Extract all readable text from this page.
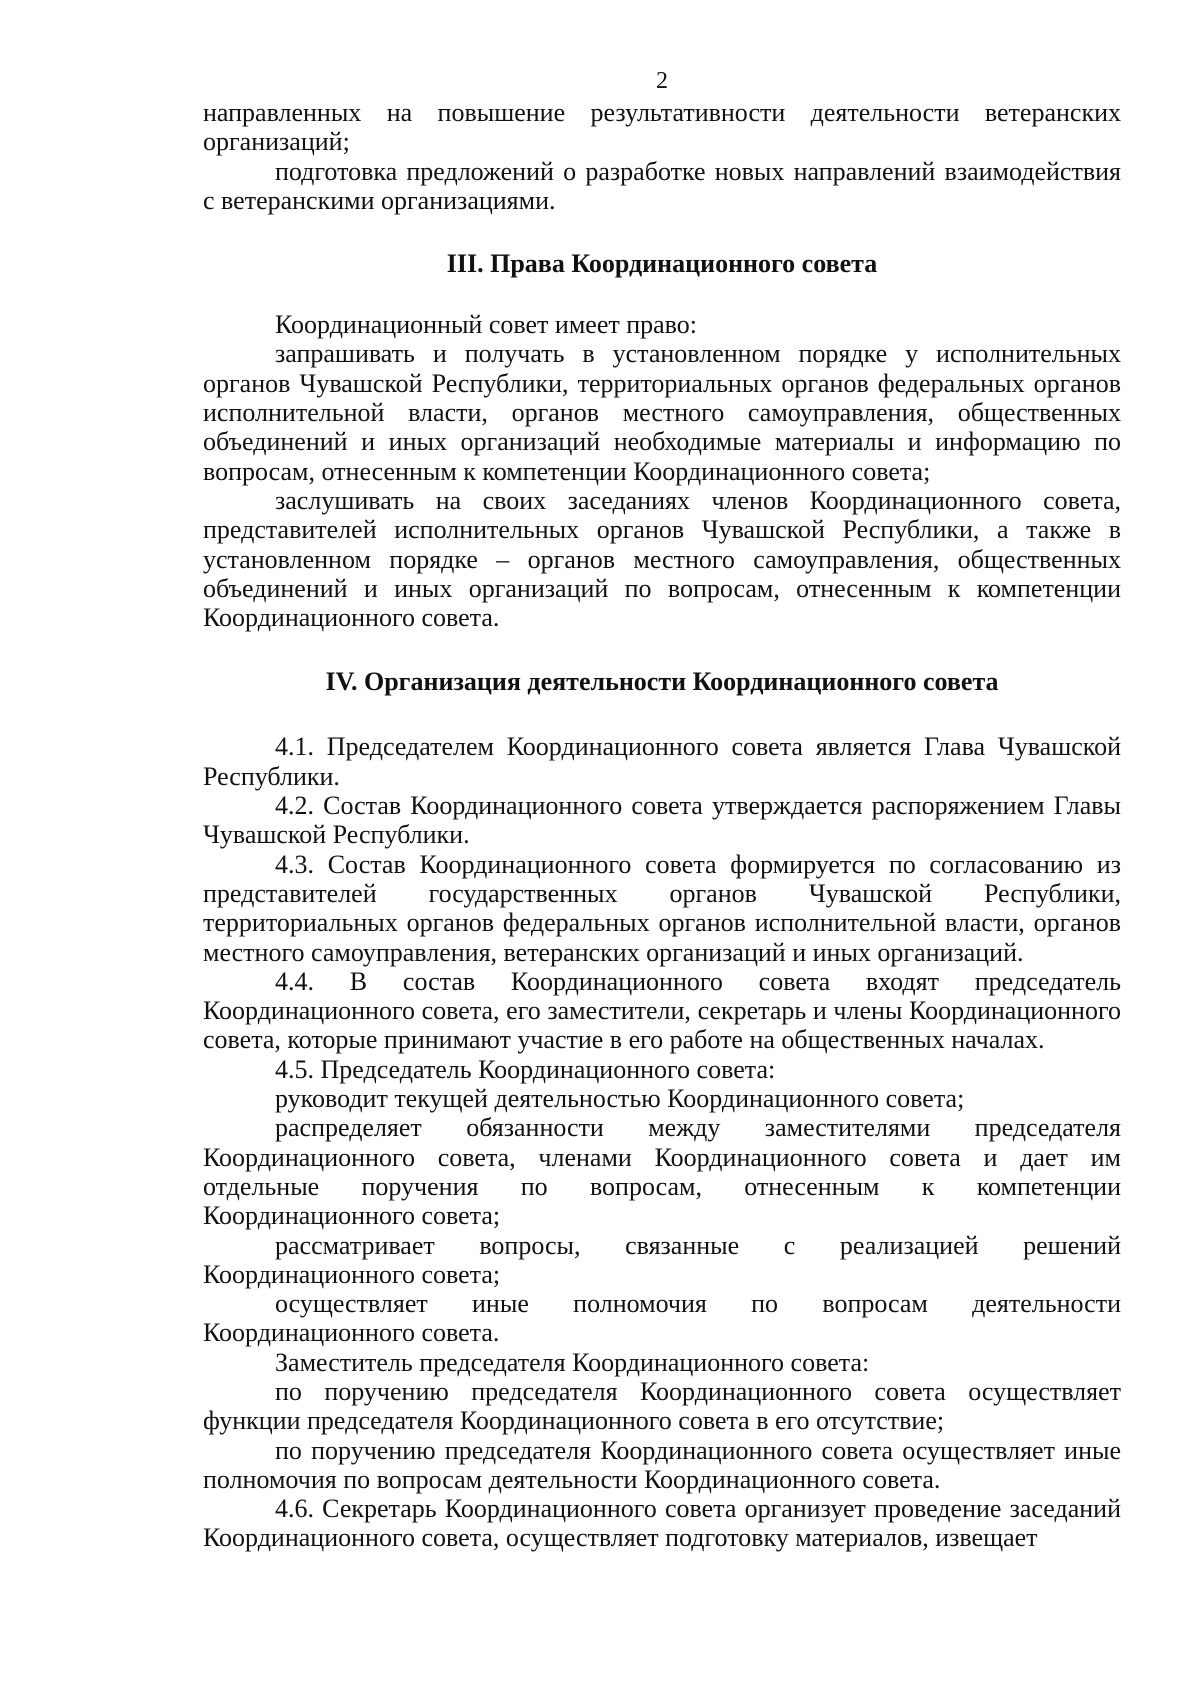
2

направленных на повышение результативности деятельности ветеранских организаций;

подготовка предложений о разработке новых направлений взаимодействия с ветеранскими организациями.

III. Права Координационного совета

Координационный совет имеет право:

запрашивать и получать в установленном порядке у исполнительных органов Чувашской Республики, территориальных органов федеральных органов исполнительной власти, органов местного самоуправления, общественных объединений и иных организаций необходимые материалы и информацию по вопросам, отнесенным к компетенции Координационного совета;

заслушивать на своих заседаниях членов Координационного совета, представителей исполнительных органов Чувашской Республики, а также в установленном порядке – органов местного самоуправления, общественных объединений и иных организаций по вопросам, отнесенным к компетенции Координационного совета.

IV. Организация деятельности Координационного совета

4.1. Председателем Координационного совета является Глава Чувашской Республики.

4.2. Состав Координационного совета утверждается распоряжением Главы Чувашской Республики.

4.3. Состав Координационного совета формируется по согласованию из представителей государственных органов Чувашской Республики, территориальных органов федеральных органов исполнительной власти, органов местного самоуправления, ветеранских организаций и иных организаций.

4.4. В состав Координационного совета входят председатель Координационного совета, его заместители, секретарь и члены Координационного совета, которые принимают участие в его работе на общественных началах.

4.5. Председатель Координационного совета:

руководит текущей деятельностью Координационного совета;

распределяет обязанности между заместителями председателя Координационного совета, членами Координационного совета и дает им отдельные поручения по вопросам, отнесенным к компетенции Координационного совета;

рассматривает вопросы, связанные с реализацией решений Координационного совета;

осуществляет иные полномочия по вопросам деятельности Координационного совета.

Заместитель председателя Координационного совета:

по поручению председателя Координационного совета осуществляет функции председателя Координационного совета в его отсутствие;

по поручению председателя Координационного совета осуществляет иные полномочия по вопросам деятельности Координационного совета.

4.6. Секретарь Координационного совета организует проведение заседаний Координационного совета, осуществляет подготовку материалов, извещает
